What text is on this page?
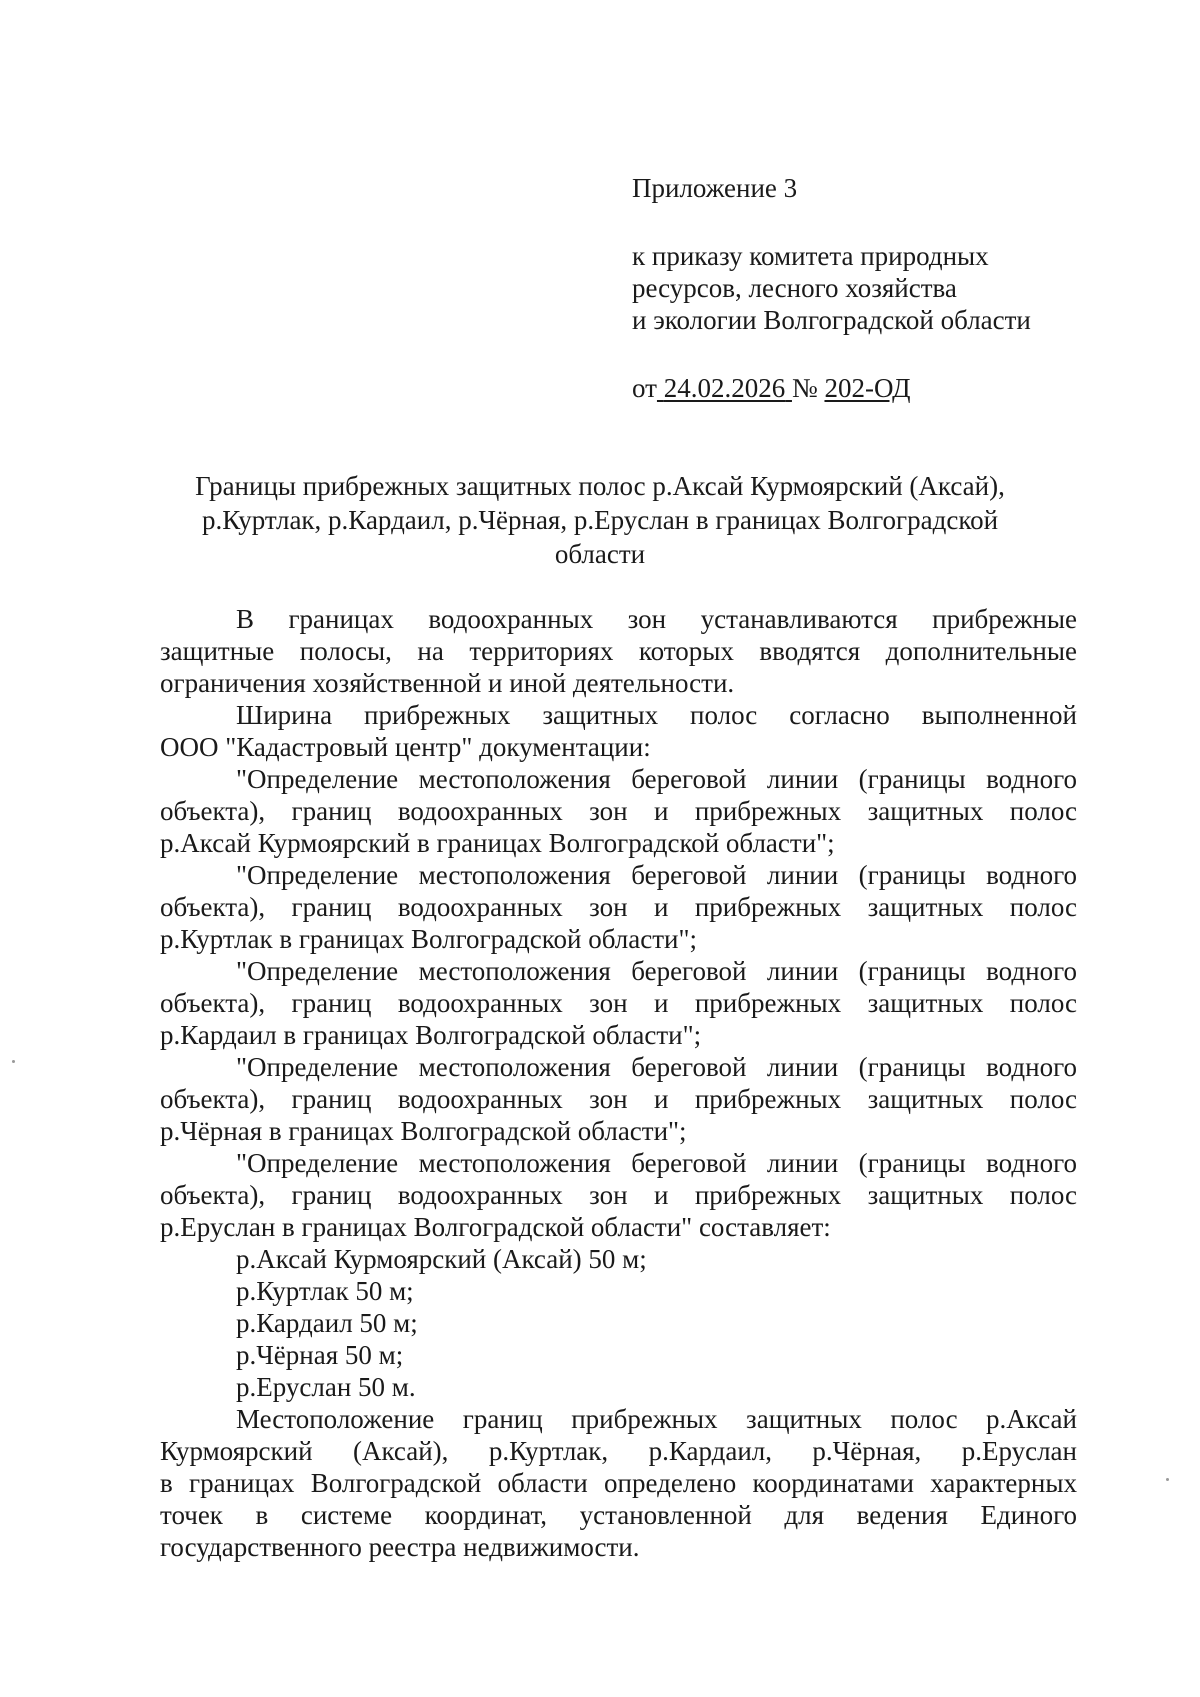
Приложение 3
к приказу комитета природных
ресурсов, лесного хозяйства
и экологии Волгоградской области
от 24.02.2026 № 202-ОД
Границы прибрежных защитных полос р.Аксай Курмоярский (Аксай),
р.Куртлак, р.Кардаил, р.Чёрная, р.Еруслан в границах Волгоградской
области
В границах водоохранных зон устанавливаются прибрежные
защитные полосы, на территориях которых вводятся дополнительные
ограничения хозяйственной и иной деятельности.
Ширина прибрежных защитных полос согласно выполненной
ООО "Кадастровый центр" документации:
"Определение местоположения береговой линии (границы водного
объекта), границ водоохранных зон и прибрежных защитных полос
р.Аксай Курмоярский в границах Волгоградской области";
"Определение местоположения береговой линии (границы водного
объекта), границ водоохранных зон и прибрежных защитных полос
р.Куртлак в границах Волгоградской области";
"Определение местоположения береговой линии (границы водного
объекта), границ водоохранных зон и прибрежных защитных полос
р.Кардаил в границах Волгоградской области";
"Определение местоположения береговой линии (границы водного
объекта), границ водоохранных зон и прибрежных защитных полос
р.Чёрная в границах Волгоградской области";
"Определение местоположения береговой линии (границы водного
объекта), границ водоохранных зон и прибрежных защитных полос
р.Еруслан в границах Волгоградской области" составляет:
р.Аксай Курмоярский (Аксай) 50 м;
р.Куртлак 50 м;
р.Кардаил 50 м;
р.Чёрная 50 м;
р.Еруслан 50 м.
Местоположение границ прибрежных защитных полос р.Аксай
Курмоярский (Аксай), р.Куртлак, р.Кардаил, р.Чёрная, р.Еруслан
в границах Волгоградской области определено координатами характерных
точек в системе координат, установленной для ведения Единого
государственного реестра недвижимости.
